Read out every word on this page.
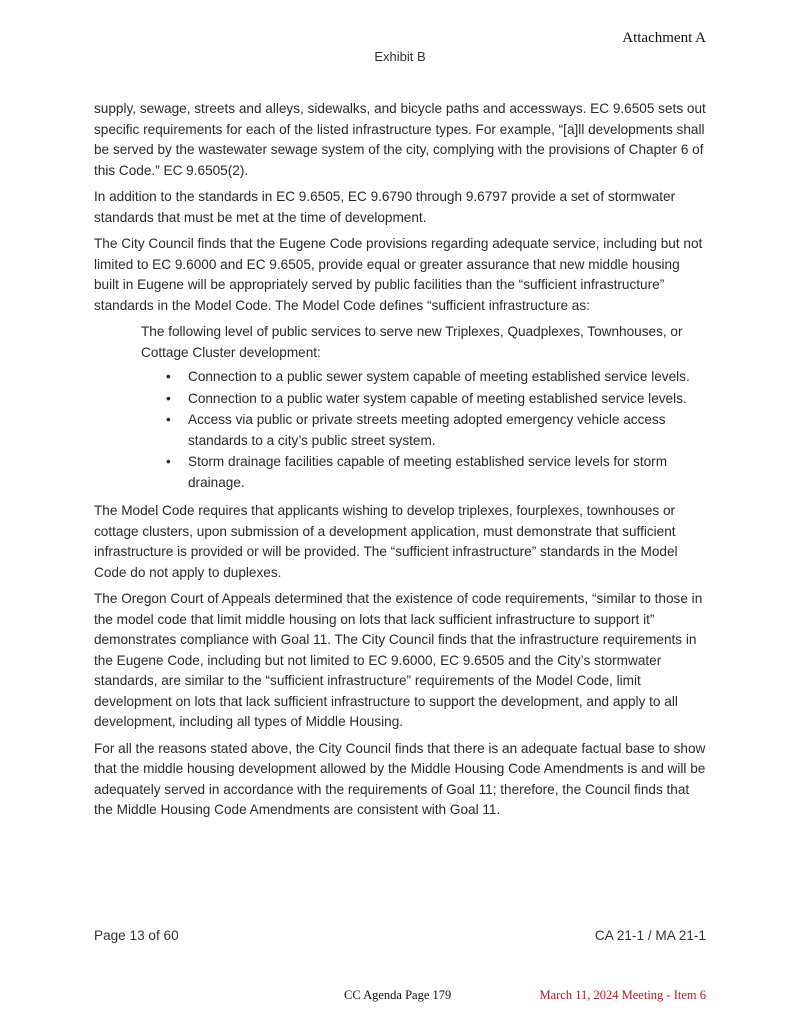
Attachment A
Exhibit B

supply, sewage, streets and alleys, sidewalks, and bicycle paths and accessways. EC 9.6505 sets out specific requirements for each of the listed infrastructure types. For example, “[a]ll developments shall be served by the wastewater sewage system of the city, complying with the provisions of Chapter 6 of this Code.” EC 9.6505(2).

In addition to the standards in EC 9.6505, EC 9.6790 through 9.6797 provide a set of stormwater standards that must be met at the time of development.

The City Council finds that the Eugene Code provisions regarding adequate service, including but not limited to EC 9.6000 and EC 9.6505, provide equal or greater assurance that new middle housing built in Eugene will be appropriately served by public facilities than the “sufficient infrastructure” standards in the Model Code. The Model Code defines “sufficient infrastructure as:

The following level of public services to serve new Triplexes, Quadplexes, Townhouses, or Cottage Cluster development:

• Connection to a public sewer system capable of meeting established service levels.
• Connection to a public water system capable of meeting established service levels.
• Access via public or private streets meeting adopted emergency vehicle access standards to a city’s public street system.
• Storm drainage facilities capable of meeting established service levels for storm drainage.

The Model Code requires that applicants wishing to develop triplexes, fourplexes, townhouses or cottage clusters, upon submission of a development application, must demonstrate that sufficient infrastructure is provided or will be provided. The “sufficient infrastructure” standards in the Model Code do not apply to duplexes.

The Oregon Court of Appeals determined that the existence of code requirements, “similar to those in the model code that limit middle housing on lots that lack sufficient infrastructure to support it” demonstrates compliance with Goal 11. The City Council finds that the infrastructure requirements in the Eugene Code, including but not limited to EC 9.6000, EC 9.6505 and the City’s stormwater standards, are similar to the “sufficient infrastructure” requirements of the Model Code, limit development on lots that lack sufficient infrastructure to support the development, and apply to all development, including all types of Middle Housing.

For all the reasons stated above, the City Council finds that there is an adequate factual base to show that the middle housing development allowed by the Middle Housing Code Amendments is and will be adequately served in accordance with the requirements of Goal 11; therefore, the Council finds that the Middle Housing Code Amendments are consistent with Goal 11.

Page 13 of 60	CA 21-1 / MA 21-1
CC Agenda Page 179	March 11, 2024 Meeting - Item 6
